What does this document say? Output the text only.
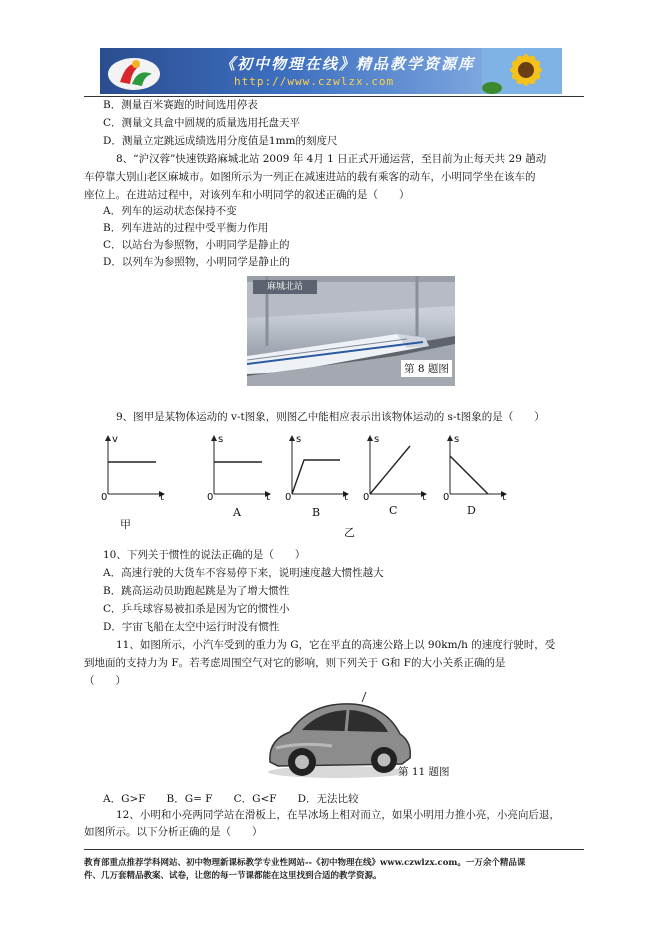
《初中物理在线》精品教学资源库
http://www.czwlzx.com
B．测量百米赛跑的时间选用停表
C．测量文具盒中圆规的质量选用托盘天平
D．测量立定跳远成绩选用分度值是1mm的刻度尺
8、“沪汉蓉”快速铁路麻城北站 2009 年 4月 1 日正式开通运营，至目前为止每天共 29 趟动
车停靠大别山老区麻城市。如图所示为一列正在减速进站的载有乘客的动车，小明同学坐在该车的
座位上。在进站过程中，对该列车和小明同学的叙述正确的是（　　）
A．列车的运动状态保持不变
B．列车进站的过程中受平衡力作用
C．以站台为参照物，小明同学是静止的
D．以列车为参照物，小明同学是静止的
麻城北站
第 8 题图
9、图甲是某物体运动的 v-t图象，则图乙中能相应表示出该物体运动的 s-t图象的是（　　）
v
0	t
甲
s
0	t
A
s
0	t
B
s
0	t
C
s
0	t
D
乙
10、下列关于惯性的说法正确的是（　　）
A．高速行驶的大货车不容易停下来，说明速度越大惯性越大
B．跳高运动员助跑起跳是为了增大惯性
C．乒乓球容易被扣杀是因为它的惯性小
D．宇宙飞船在太空中运行时没有惯性
11、如图所示，小汽车受到的重力为 G，它在平直的高速公路上以 90km/h 的速度行驶时，受
到地面的支持力为 F。若考虑周围空气对它的影响，则下列关于 G和 F的大小关系正确的是
（　　）
第 11 题图
A．G>F　　B．G= F　　C．G<F　　D．无法比较
12、小明和小亮两同学站在滑板上，在旱冰场上相对而立，如果小明用力推小亮，小亮向后退，
如图所示。以下分析正确的是（　　）
教育部重点推荐学科网站、初中物理新课标教学专业性网站--《初中物理在线》www.czwlzx.com。一万余个精品课
件、几万套精品教案、试卷，让您的每一节课都能在这里找到合适的教学资源。
